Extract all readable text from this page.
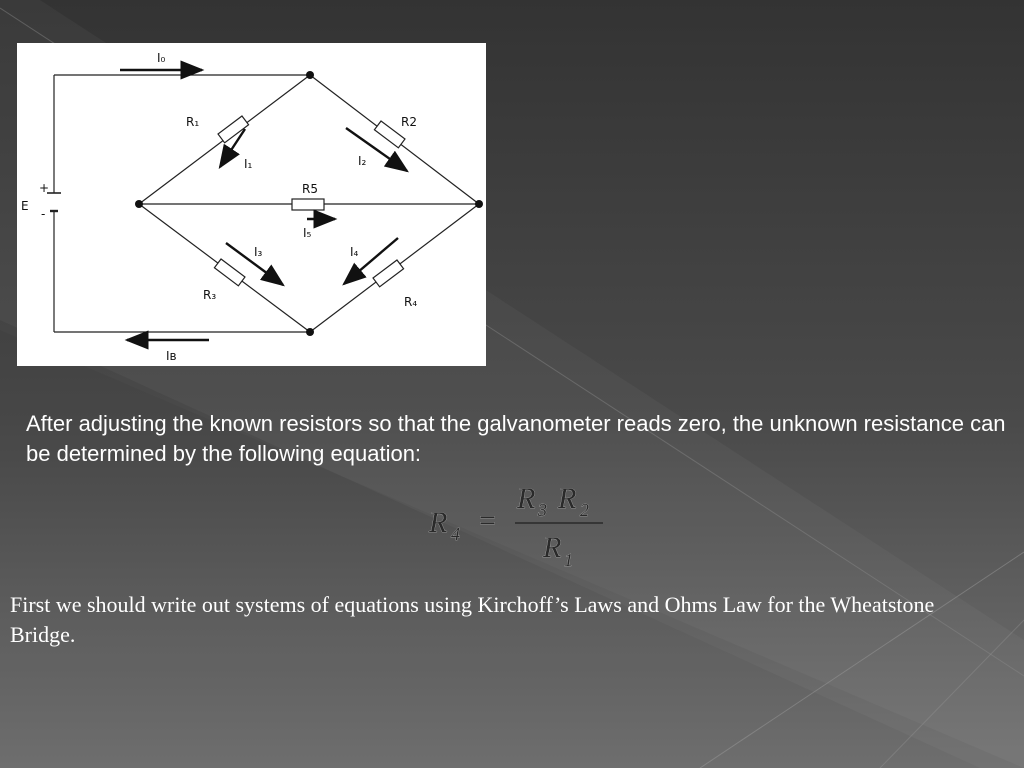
I₀
Iʙ
E
+
-
R₁	R2
R₃	R₄
R5
I₁	I₂
I₃	I₄
I₅

After adjusting the known resistors so that the galvanometer reads zero, the unknown resistance can be determined by the following equation:

R 4 =
R 3 R 2
R 1

First we should write out systems of equations using Kirchoff’s Laws and Ohms Law for the Wheatstone Bridge.
